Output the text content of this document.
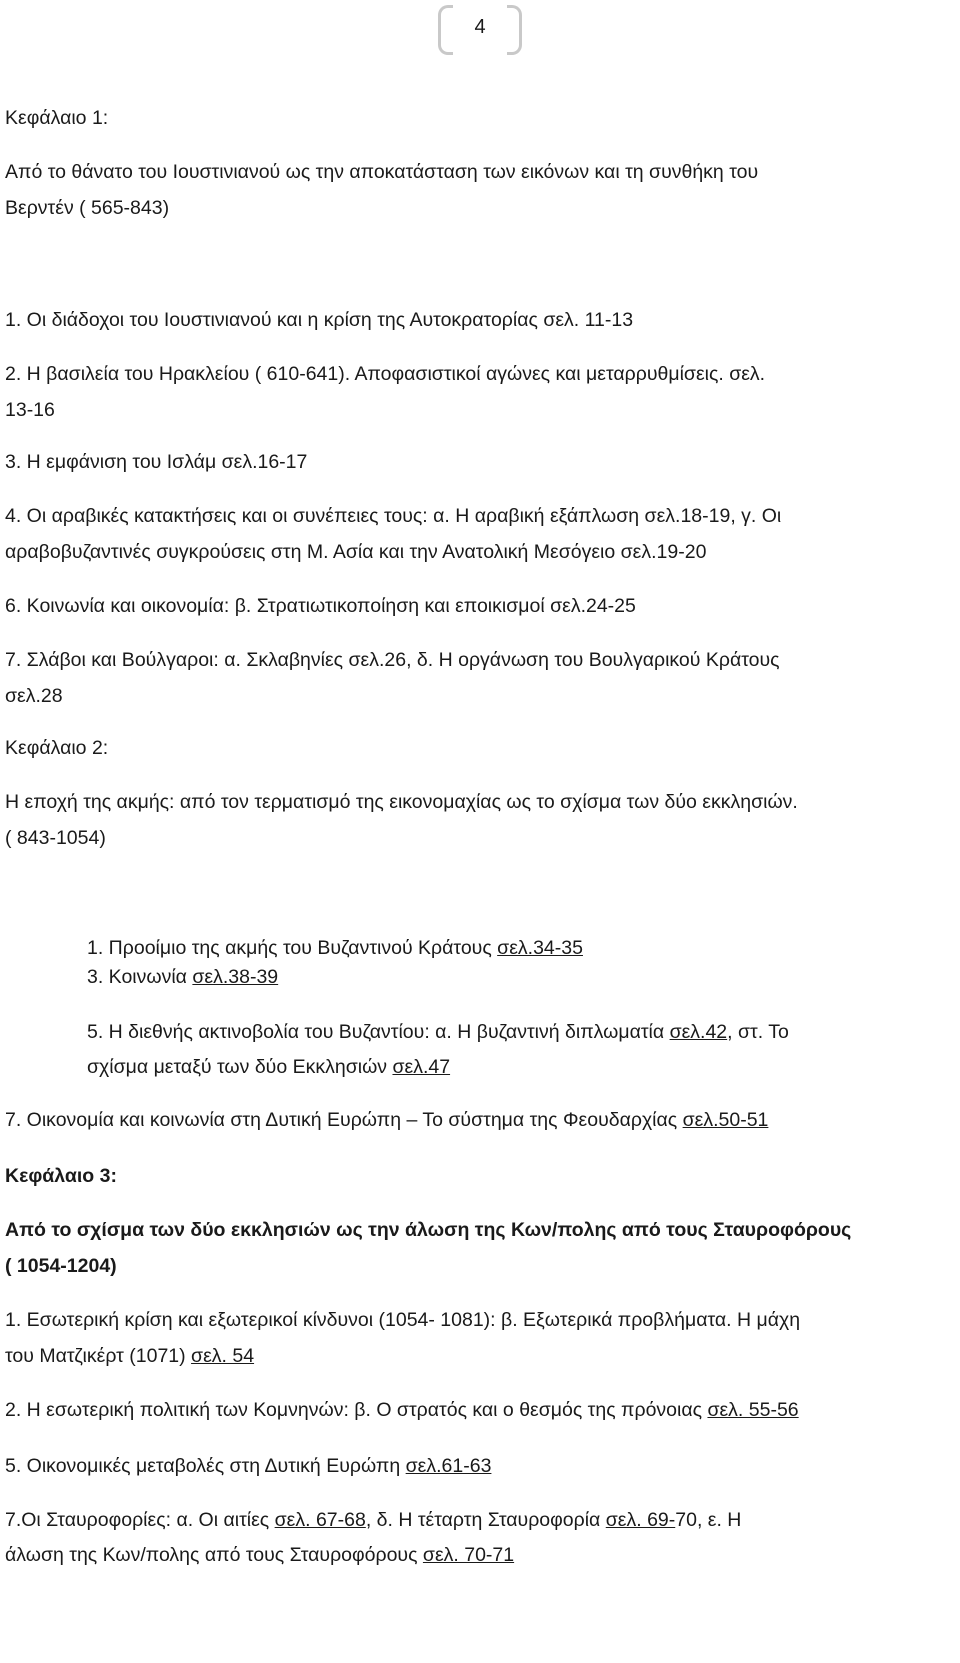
4
Κεφάλαιο 1:
Από το θάνατο του Ιουστινιανού ως την αποκατάσταση των εικόνων και τη συνθήκη του
Βερντέν ( 565-843)
1. Οι διάδοχοι του Ιουστινιανού και η κρίση της Αυτοκρατορίας σελ. 11-13
2. Η βασιλεία του Ηρακλείου ( 610-641). Αποφασιστικοί αγώνες και μεταρρυθμίσεις. σελ.
13-16
3. Η εμφάνιση του Ισλάμ σελ.16-17
4. Οι αραβικές κατακτήσεις και οι συνέπειες τους: α. Η αραβική εξάπλωση σελ.18-19, γ. Οι
αραβοβυζαντινές συγκρούσεις στη Μ. Ασία και την Ανατολική Μεσόγειο σελ.19-20
6. Κοινωνία και οικονομία: β. Στρατιωτικοποίηση και εποικισμοί σελ.24-25
7. Σλάβοι και Βούλγαροι: α. Σκλαβηνίες σελ.26, δ. Η οργάνωση του Βουλγαρικού Κράτους
σελ.28
Κεφάλαιο 2:
Η εποχή της ακμής: από τον τερματισμό της εικονομαχίας ως το σχίσμα των δύο εκκλησιών.
( 843-1054)
1. Προοίμιο της ακμής του Βυζαντινού Κράτους σελ.34-35
3. Κοινωνία σελ.38-39
5. Η διεθνής ακτινοβολία του Βυζαντίου: α. Η βυζαντινή διπλωματία σελ.42, στ. Το
σχίσμα μεταξύ των δύο Εκκλησιών σελ.47
7. Οικονομία και κοινωνία στη Δυτική Ευρώπη – Το σύστημα της Φεουδαρχίας σελ.50-51
Κεφάλαιο 3:
Από το σχίσμα των δύο εκκλησιών ως την άλωση της Κων/πολης από τους Σταυροφόρους
( 1054-1204)
1. Εσωτερική κρίση και εξωτερικοί κίνδυνοι (1054- 1081): β. Εξωτερικά προβλήματα. Η μάχη
του Ματζικέρτ (1071) σελ. 54
2. Η εσωτερική πολιτική των Κομνηνών: β. Ο στρατός και ο θεσμός της πρόνοιας σελ. 55-56
5. Οικονομικές μεταβολές στη Δυτική Ευρώπη σελ.61-63
7.Οι Σταυροφορίες: α. Οι αιτίες σελ. 67-68, δ. Η τέταρτη Σταυροφορία σελ. 69-70, ε. Η
άλωση της Κων/πολης από τους Σταυροφόρους σελ. 70-71
